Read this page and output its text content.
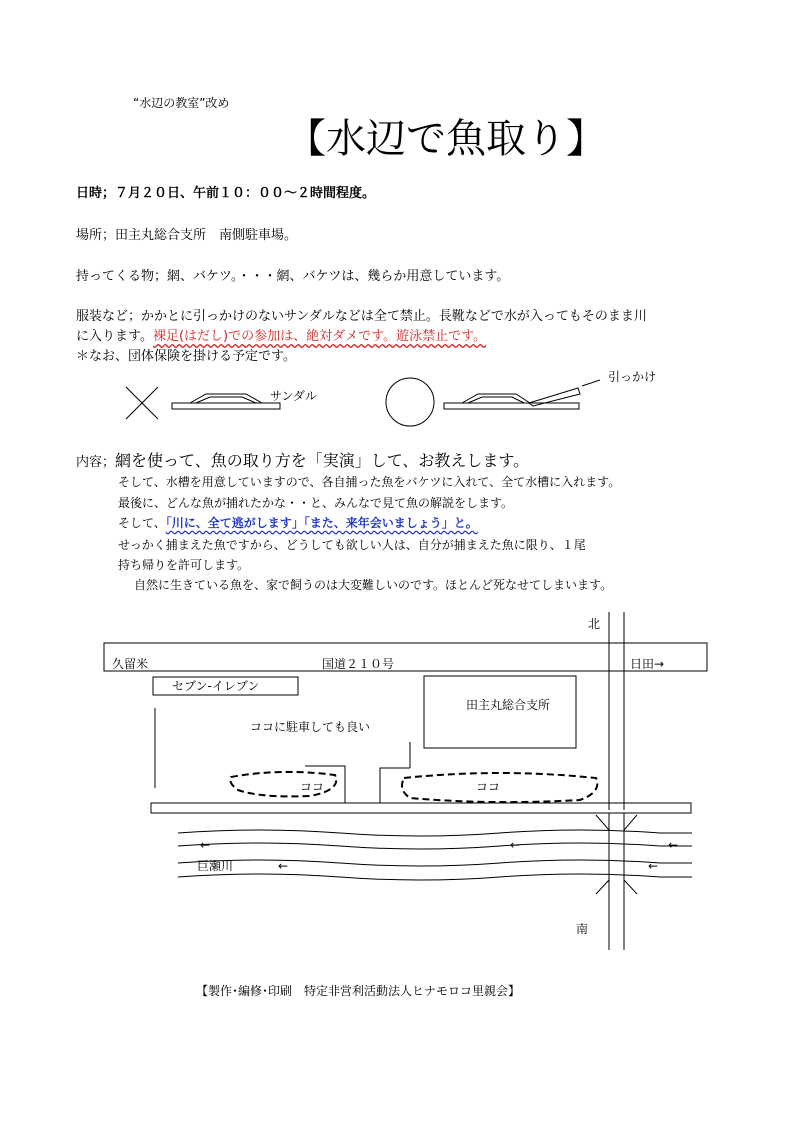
“水辺の教室”改め
【水辺で魚取り】
日時；７月２０日、午前１０：００～２時間程度。
場所；田主丸総合支所　南側駐車場。
持ってくる物；網、バケツ。・・・網、バケツは、幾らか用意しています。
服装など；かかとに引っかけのないサンダルなどは全て禁止。長靴などで水が入ってもそのまま川
に入ります。裸足(はだし)での参加は、絶対ダメです。遊泳禁止です。
＊なお、団体保険を掛ける予定です。
サンダル
引っかけ
内容；網を使って、魚の取り方を「実演」して、お教えします。
そして、水槽を用意していますので、各自捕った魚をバケツに入れて、全て水槽に入れます。
最後に、どんな魚が捕れたかな・・と、みんなで見て魚の解説をします。
そして、「川に、全て逃がします」「また、来年会いましょう」と。
せっかく捕まえた魚ですから、どうしても欲しい人は、自分が捕まえた魚に限り、１尾
持ち帰りを許可します。
自然に生きている魚を、家で飼うのは大変難しいのです。ほとんど死なせてしまいます。
北
久留米	国道２１０号	日田→
セブン-イレブン
田主丸総合支所
ココに駐車しても良い
ココ	ココ
←	←	←
巨瀬川	←	←
南
【製作･編修･印刷　特定非営利活動法人ヒナモロコ里親会】
